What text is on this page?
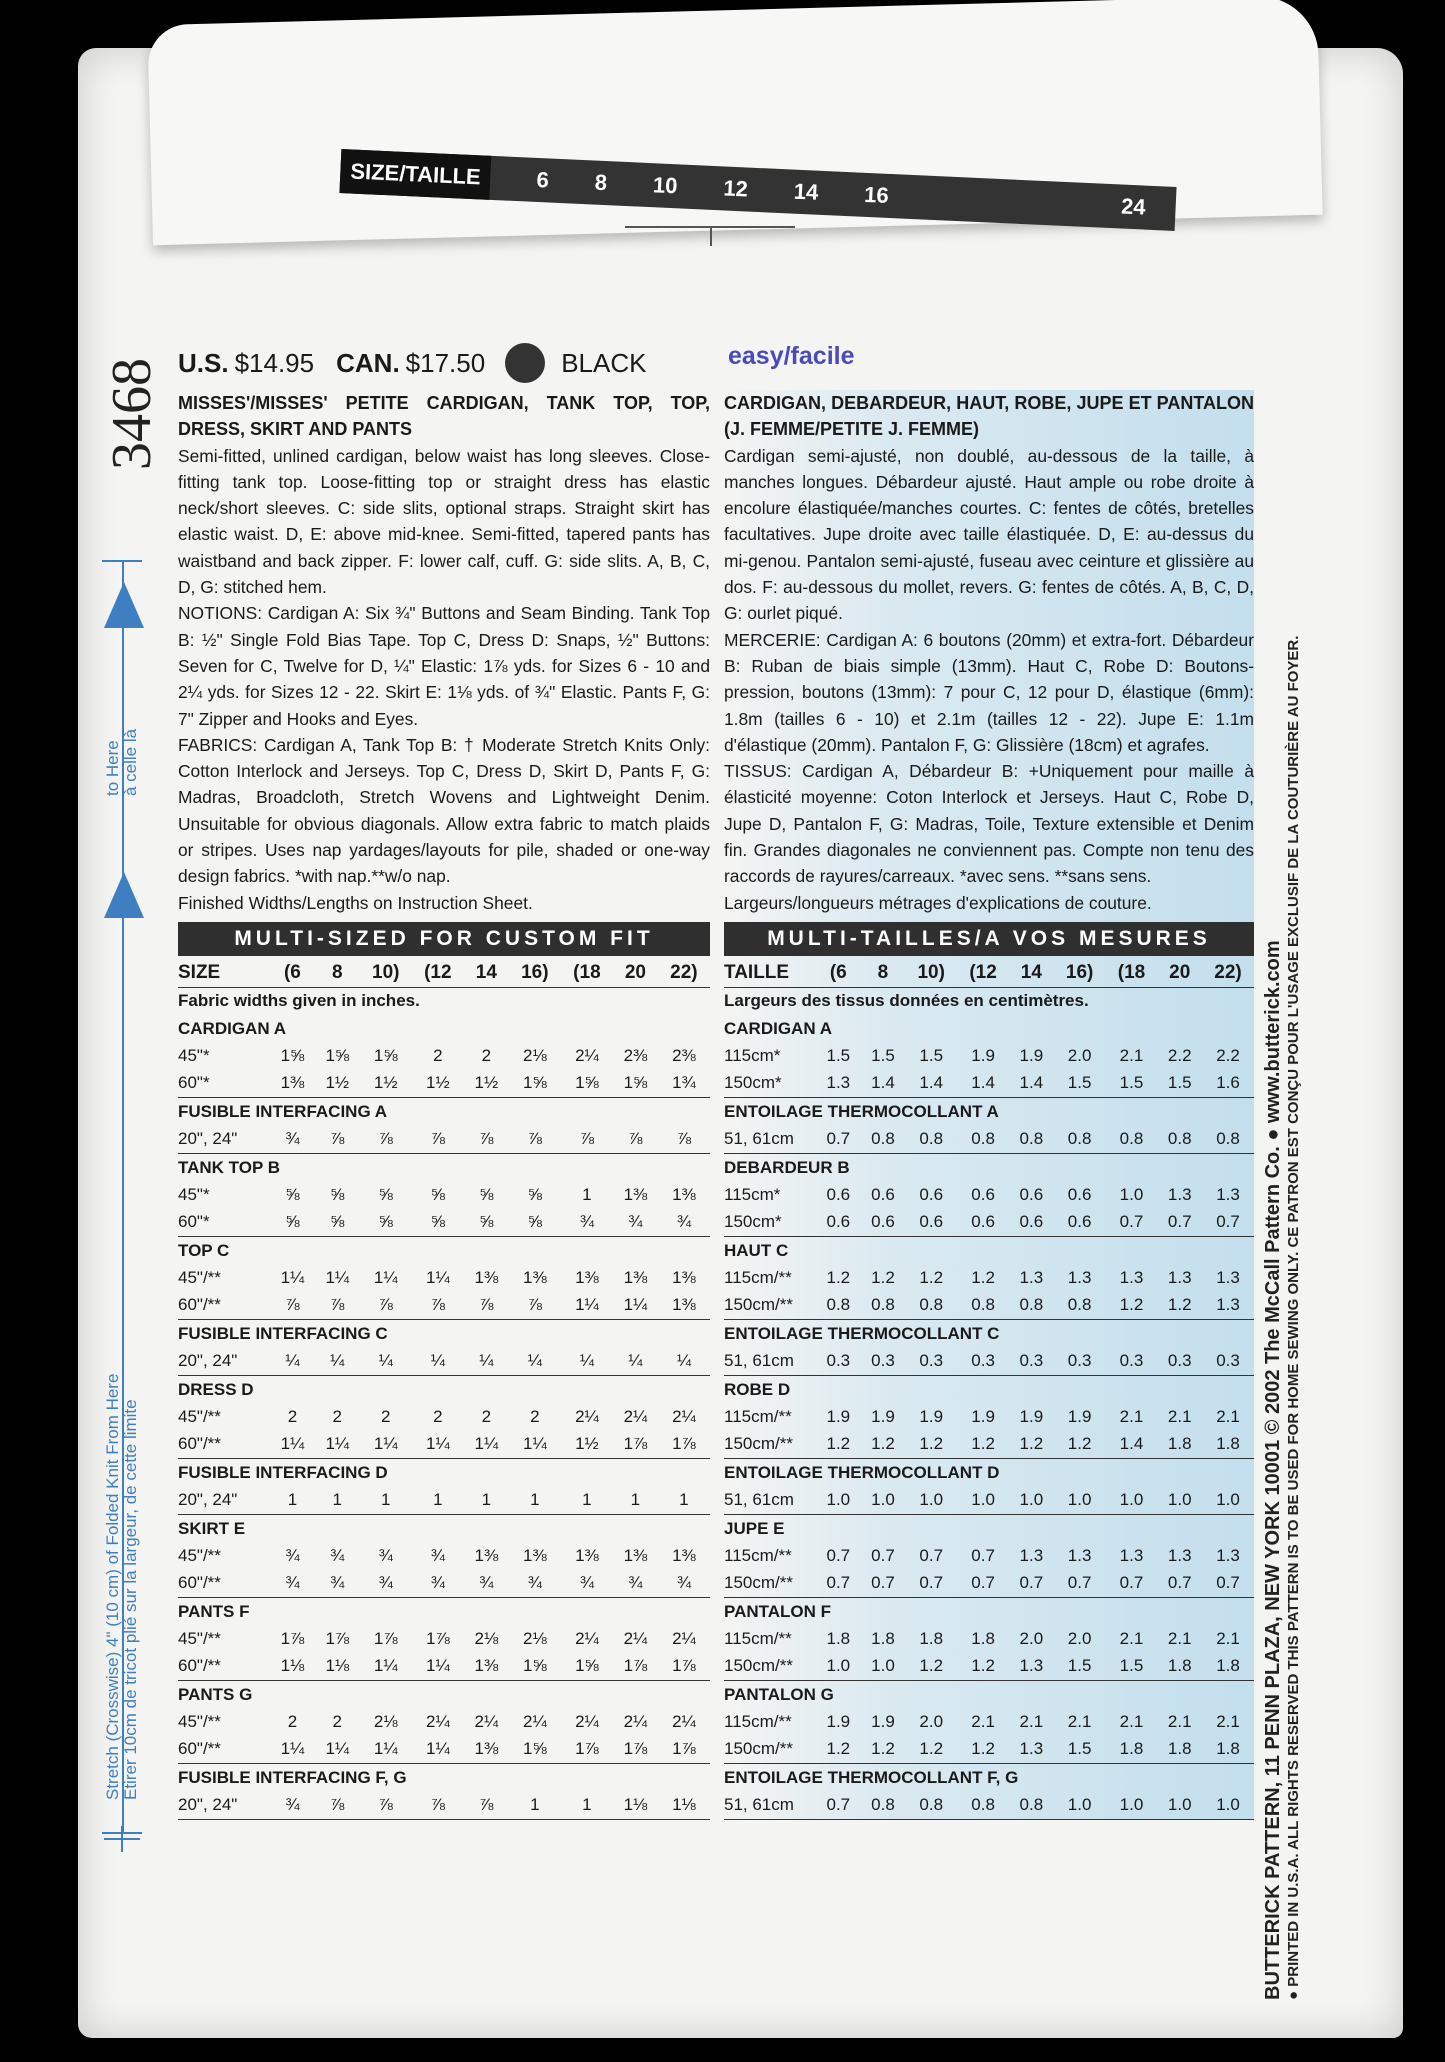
SIZE/TAILLE	6 8 10 12 14 16	24
3468
to Here à celle là
Stretch (Crosswise) 4" (10 cm) of Folded Knit From Here Etirer 10cm de tricot plié sur la largeur, de cette limite	BUTTERICK PATTERN, 11 PENN PLAZA, NEW YORK 10001 © 2002 The McCall Pattern Co. ● www.butterick.com ● PRINTED IN U.S.A. ALL RIGHTS RESERVED THIS PATTERN IS TO BE USED FOR HOME SEWING ONLY. CE PATRON EST CONÇU POUR L'USAGE EXCLUSIF DE LA COUTURIÈRE AU FOYER.
U.S. $14.95 CAN. $17.50	BLACK	easy/facile

MISSES'/MISSES' PETITE CARDIGAN, TANK TOP, TOP, DRESS, SKIRT AND PANTS

Semi-fitted, unlined cardigan, below waist has long sleeves. Close-fitting tank top. Loose-fitting top or straight dress has elastic neck/short sleeves. C: side slits, optional straps. Straight skirt has elastic waist. D, E: above mid-knee. Semi-fitted, tapered pants has waistband and back zipper. F: lower calf, cuff. G: side slits. A, B, C, D, G: stitched hem.

NOTIONS: Cardigan A: Six ¾" Buttons and Seam Binding. Tank Top B: ½" Single Fold Bias Tape. Top C, Dress D: Snaps, ½" Buttons: Seven for C, Twelve for D, ¼" Elastic: 1⅞ yds. for Sizes 6 - 10 and 2¼ yds. for Sizes 12 - 22. Skirt E: 1⅛ yds. of ¾" Elastic. Pants F, G: 7" Zipper and Hooks and Eyes.

FABRICS: Cardigan A, Tank Top B: † Moderate Stretch Knits Only: Cotton Interlock and Jerseys. Top C, Dress D, Skirt D, Pants F, G: Madras, Broadcloth, Stretch Wovens and Lightweight Denim. Unsuitable for obvious diagonals. Allow extra fabric to match plaids or stripes. Uses nap yardages/layouts for pile, shaded or one-way design fabrics. *with nap.**w/o nap.

Finished Widths/Lengths on Instruction Sheet.

MULTI-SIZED FOR CUSTOM FIT
SIZE	(6	8	10)	(12	14	16)	(18	20	22)
Fabric widths given in inches.									
CARDIGAN A									
45"*	1⅝	1⅝	1⅝	2	2	2⅛	2¼	2⅜	2⅜
60"*	1⅜	1½	1½	1½	1½	1⅝	1⅝	1⅝	1¾
FUSIBLE INTERFACING A									
20", 24"	¾	⅞	⅞	⅞	⅞	⅞	⅞	⅞	⅞
TANK TOP B									
45"*	⅝	⅝	⅝	⅝	⅝	⅝	1	1⅜	1⅜
60"*	⅝	⅝	⅝	⅝	⅝	⅝	¾	¾	¾
TOP C									
45"/**	1¼	1¼	1¼	1¼	1⅜	1⅜	1⅜	1⅜	1⅜
60"/**	⅞	⅞	⅞	⅞	⅞	⅞	1¼	1¼	1⅜
FUSIBLE INTERFACING C									
20", 24"	¼	¼	¼	¼	¼	¼	¼	¼	¼
DRESS D									
45"/**	2	2	2	2	2	2	2¼	2¼	2¼
60"/**	1¼	1¼	1¼	1¼	1¼	1¼	1½	1⅞	1⅞
FUSIBLE INTERFACING D									
20", 24"	1	1	1	1	1	1	1	1	1
SKIRT E									
45"/**	¾	¾	¾	¾	1⅜	1⅜	1⅜	1⅜	1⅜
60"/**	¾	¾	¾	¾	¾	¾	¾	¾	¾
PANTS F									
45"/**	1⅞	1⅞	1⅞	1⅞	2⅛	2⅛	2¼	2¼	2¼
60"/**	1⅛	1⅛	1¼	1¼	1⅜	1⅝	1⅝	1⅞	1⅞
PANTS G									
45"/**	2	2	2⅛	2¼	2¼	2¼	2¼	2¼	2¼
60"/**	1¼	1¼	1¼	1¼	1⅜	1⅝	1⅞	1⅞	1⅞
FUSIBLE INTERFACING F, G									
20", 24"	¾	⅞	⅞	⅞	⅞	1	1	1⅛	1⅛

CARDIGAN, DEBARDEUR, HAUT, ROBE, JUPE ET PANTALON (J. FEMME/PETITE J. FEMME)

Cardigan semi-ajusté, non doublé, au-dessous de la taille, à manches longues. Débardeur ajusté. Haut ample ou robe droite à encolure élastiquée/manches courtes. C: fentes de côtés, bretelles facultatives. Jupe droite avec taille élastiquée. D, E: au-dessus du mi-genou. Pantalon semi-ajusté, fuseau avec ceinture et glissière au dos. F: au-dessous du mollet, revers. G: fentes de côtés. A, B, C, D, G: ourlet piqué.

MERCERIE: Cardigan A: 6 boutons (20mm) et extra-fort. Débardeur B: Ruban de biais simple (13mm). Haut C, Robe D: Boutons-pression, boutons (13mm): 7 pour C, 12 pour D, élastique (6mm): 1.8m (tailles 6 - 10) et 2.1m (tailles 12 - 22). Jupe E: 1.1m d'élastique (20mm). Pantalon F, G: Glissière (18cm) et agrafes.

TISSUS: Cardigan A, Débardeur B: +Uniquement pour maille à élasticité moyenne: Coton Interlock et Jerseys. Haut C, Robe D, Jupe D, Pantalon F, G: Madras, Toile, Texture extensible et Denim fin. Grandes diagonales ne conviennent pas. Compte non tenu des raccords de rayures/carreaux. *avec sens. **sans sens.

Largeurs/longueurs métrages d'explications de couture.

MULTI-TAILLES/A VOS MESURES
TAILLE	(6	8	10)	(12	14	16)	(18	20	22)
Largeurs des tissus données en centimètres.									
CARDIGAN A									
115cm*	1.5	1.5	1.5	1.9	1.9	2.0	2.1	2.2	2.2
150cm*	1.3	1.4	1.4	1.4	1.4	1.5	1.5	1.5	1.6
ENTOILAGE THERMOCOLLANT A									
51, 61cm	0.7	0.8	0.8	0.8	0.8	0.8	0.8	0.8	0.8
DEBARDEUR B									
115cm*	0.6	0.6	0.6	0.6	0.6	0.6	1.0	1.3	1.3
150cm*	0.6	0.6	0.6	0.6	0.6	0.6	0.7	0.7	0.7
HAUT C									
115cm/**	1.2	1.2	1.2	1.2	1.3	1.3	1.3	1.3	1.3
150cm/**	0.8	0.8	0.8	0.8	0.8	0.8	1.2	1.2	1.3
ENTOILAGE THERMOCOLLANT C									
51, 61cm	0.3	0.3	0.3	0.3	0.3	0.3	0.3	0.3	0.3
ROBE D									
115cm/**	1.9	1.9	1.9	1.9	1.9	1.9	2.1	2.1	2.1
150cm/**	1.2	1.2	1.2	1.2	1.2	1.2	1.4	1.8	1.8
ENTOILAGE THERMOCOLLANT D									
51, 61cm	1.0	1.0	1.0	1.0	1.0	1.0	1.0	1.0	1.0
JUPE E									
115cm/**	0.7	0.7	0.7	0.7	1.3	1.3	1.3	1.3	1.3
150cm/**	0.7	0.7	0.7	0.7	0.7	0.7	0.7	0.7	0.7
PANTALON F									
115cm/**	1.8	1.8	1.8	1.8	2.0	2.0	2.1	2.1	2.1
150cm/**	1.0	1.0	1.2	1.2	1.3	1.5	1.5	1.8	1.8
PANTALON G									
115cm/**	1.9	1.9	2.0	2.1	2.1	2.1	2.1	2.1	2.1
150cm/**	1.2	1.2	1.2	1.2	1.3	1.5	1.8	1.8	1.8
ENTOILAGE THERMOCOLLANT F, G									
51, 61cm	0.7	0.8	0.8	0.8	0.8	1.0	1.0	1.0	1.0
